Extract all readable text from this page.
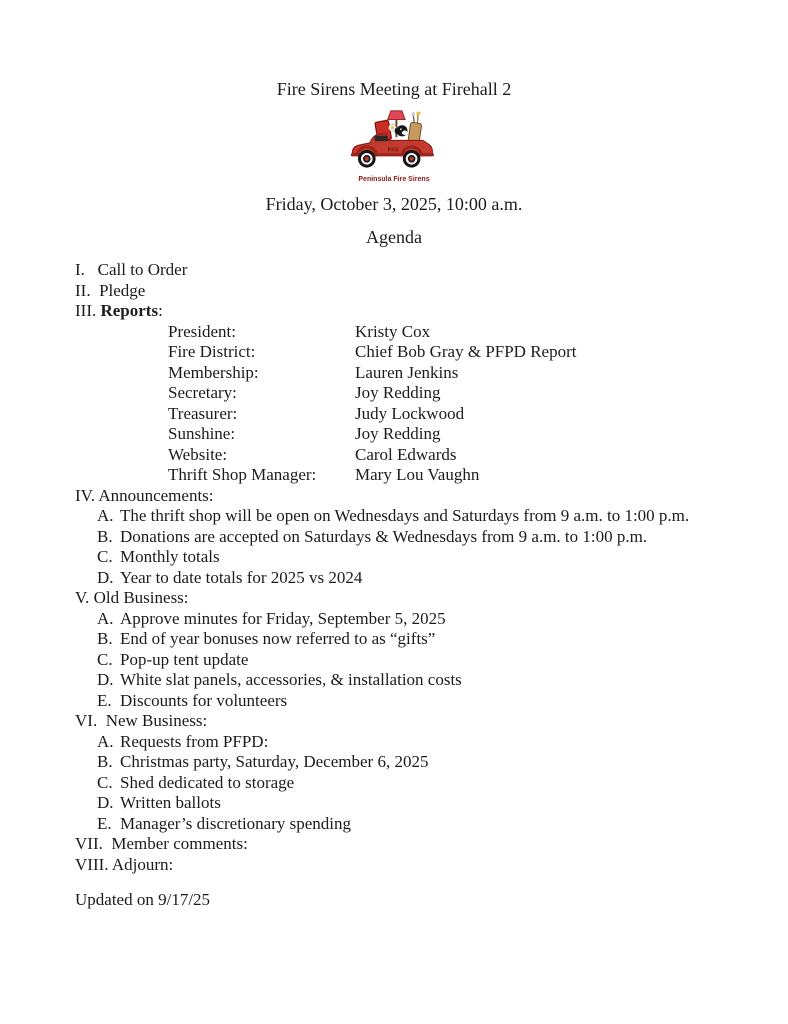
Fire Sirens Meeting at Firehall 2
PFS
Peninsula Fire Sirens
Friday, October 3, 2025, 10:00 a.m.
Agenda
I.   Call to Order
II.  Pledge
III. Reports:
President:	Kristy Cox
Fire District:	Chief Bob Gray & PFPD Report
Membership:	Lauren Jenkins
Secretary:	Joy Redding
Treasurer:	Judy Lockwood
Sunshine:	Joy Redding
Website:	Carol Edwards
Thrift Shop Manager:	Mary Lou Vaughn
IV. Announcements:
A. The thrift shop will be open on Wednesdays and Saturdays from 9 a.m. to 1:00 p.m.
B. Donations are accepted on Saturdays & Wednesdays from 9 a.m. to 1:00 p.m.
C. Monthly totals
D. Year to date totals for 2025 vs 2024
V. Old Business:
A. Approve minutes for Friday, September 5, 2025
B. End of year bonuses now referred to as “gifts”
C. Pop-up tent update
D. White slat panels, accessories, & installation costs
E. Discounts for volunteers
VI.  New Business:
A. Requests from PFPD:
B. Christmas party, Saturday, December 6, 2025
C. Shed dedicated to storage
D. Written ballots
E. Manager’s discretionary spending
VII.  Member comments:
VIII. Adjourn:
Updated on 9/17/25
